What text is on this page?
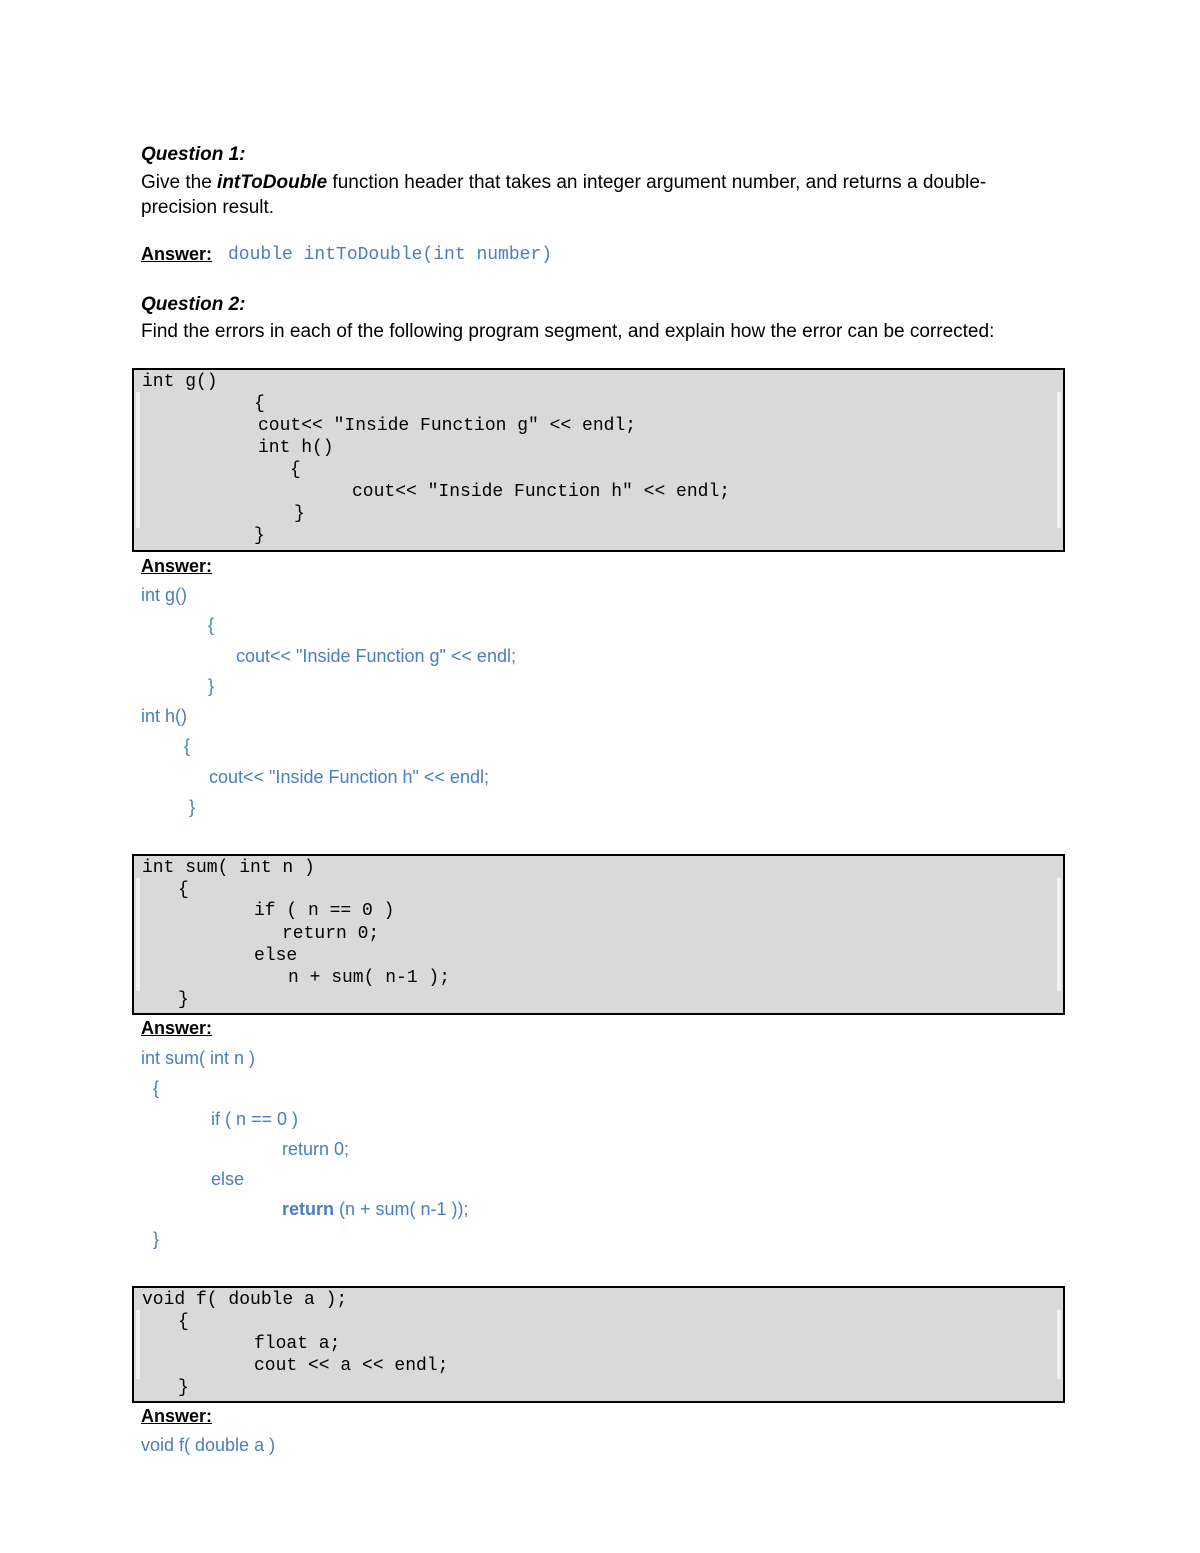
Question 1:
Give the intToDouble function header that takes an integer argument number, and returns a double-
precision result.
Answer: double intToDouble(int number)
Question 2:
Find the errors in each of the following program segment, and explain how the error can be corrected:
int g()
{
cout<< "Inside Function g" << endl;
int h()
{
cout<< "Inside Function h" << endl;
}
}
Answer:
int g()
{
cout<< "Inside Function g" << endl;
}
int h()
{
cout<< "Inside Function h" << endl;
}
int sum( int n )
{
if ( n == 0 )
return 0;
else
n + sum( n-1 );
}
Answer:
int sum( int n )
{
if ( n == 0 )
return 0;
else
return (n + sum( n-1 ));
}
void f( double a );
{
float a;
cout << a << endl;
}
Answer:
void f( double a )
